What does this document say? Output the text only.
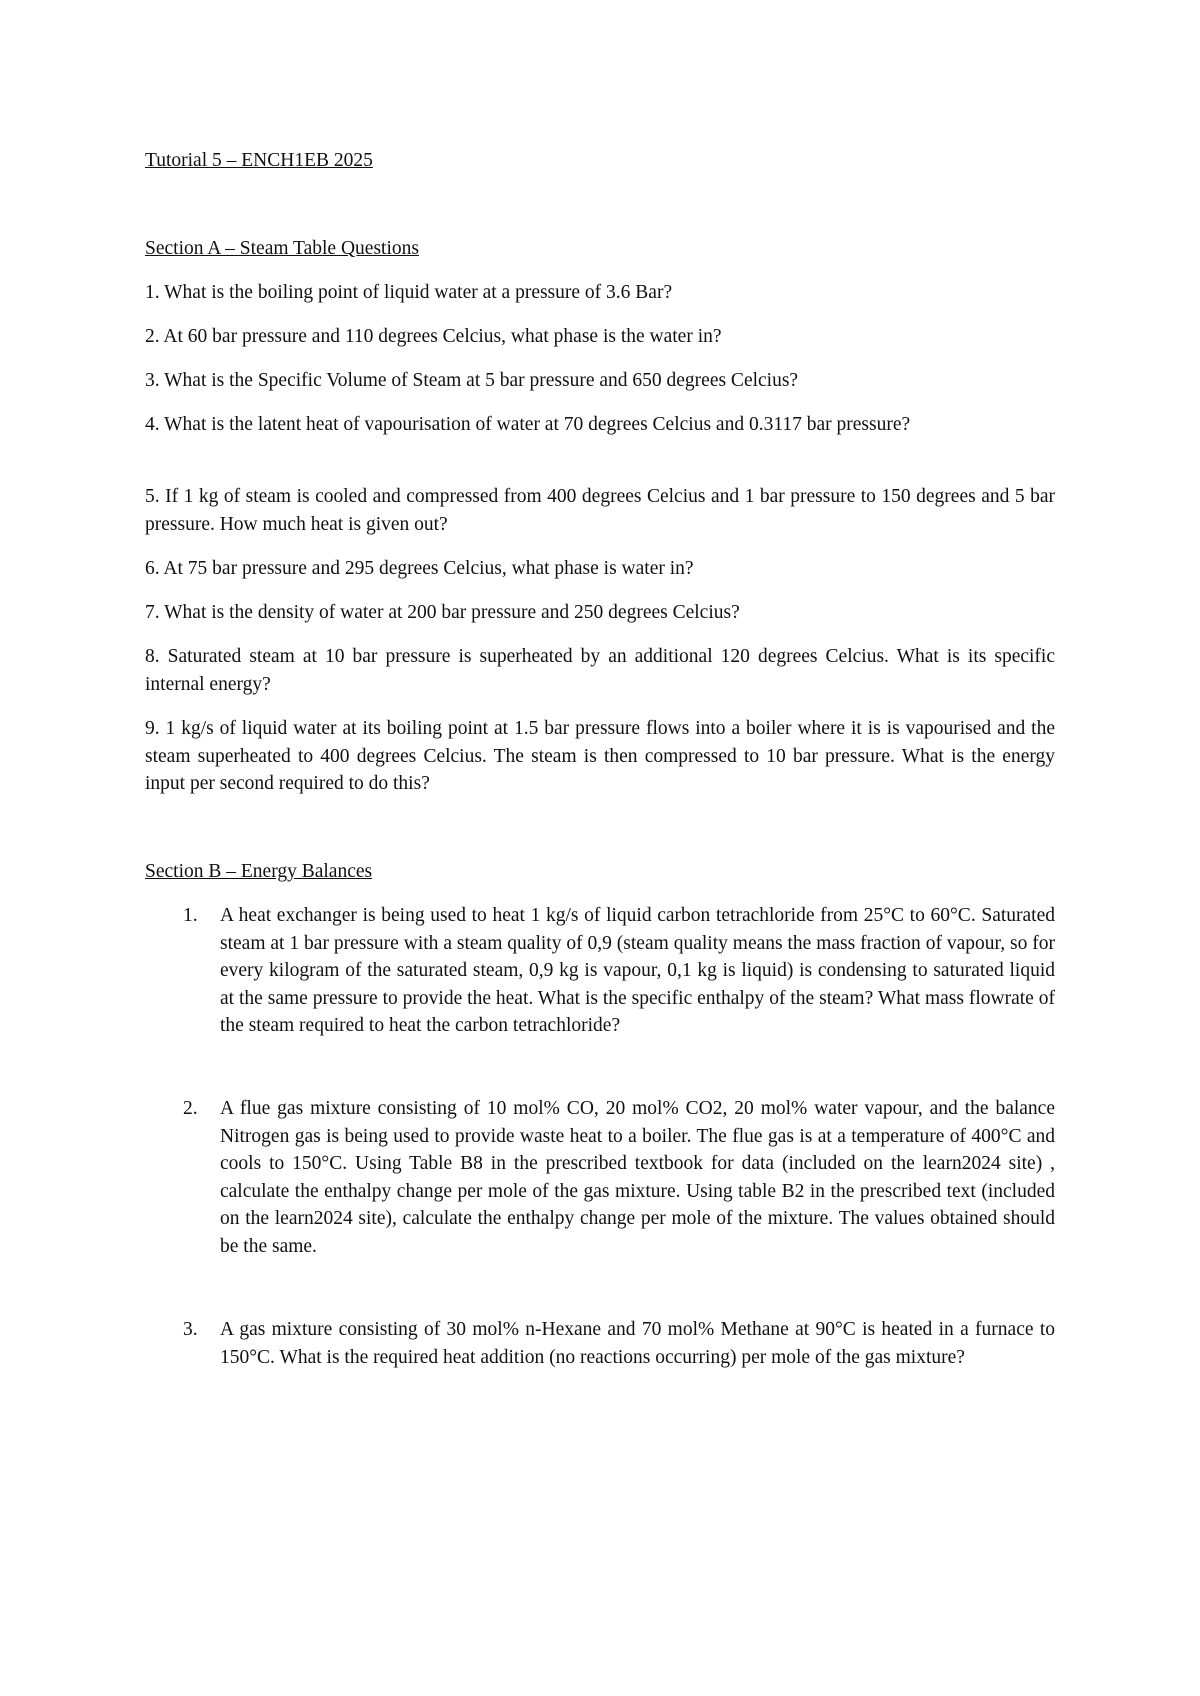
Tutorial 5 – ENCH1EB 2025
Section A – Steam Table Questions

1. What is the boiling point of liquid water at a pressure of 3.6 Bar?

2. At 60 bar pressure and 110 degrees Celcius, what phase is the water in?

3. What is the Specific Volume of Steam at 5 bar pressure and 650 degrees Celcius?

4. What is the latent heat of vapourisation of water at 70 degrees Celcius and 0.3117 bar pressure?

5. If 1 kg of steam is cooled and compressed from 400 degrees Celcius and 1 bar pressure to 150 degrees and 5 bar pressure. How much heat is given out?

6. At 75 bar pressure and 295 degrees Celcius, what phase is water in?

7. What is the density of water at 200 bar pressure and 250 degrees Celcius?

8. Saturated steam at 10 bar pressure is superheated by an additional 120 degrees Celcius. What is its specific internal energy?

9. 1 kg/s of liquid water at its boiling point at 1.5 bar pressure flows into a boiler where it is is vapourised and the steam superheated to 400 degrees Celcius. The steam is then compressed to 10 bar pressure. What is the energy input per second required to do this?

Section B – Energy Balances
1. A heat exchanger is being used to heat 1 kg/s of liquid carbon tetrachloride from 25°C to 60°C. Saturated steam at 1 bar pressure with a steam quality of 0,9 (steam quality means the mass fraction of vapour, so for every kilogram of the saturated steam, 0,9 kg is vapour, 0,1 kg is liquid) is condensing to saturated liquid at the same pressure to provide the heat. What is the specific enthalpy of the steam? What mass flowrate of the steam required to heat the carbon tetrachloride?
2. A flue gas mixture consisting of 10 mol% CO, 20 mol% CO2, 20 mol% water vapour, and the balance Nitrogen gas is being used to provide waste heat to a boiler. The flue gas is at a temperature of 400°C and cools to 150°C. Using Table B8 in the prescribed textbook for data (included on the learn2024 site) , calculate the enthalpy change per mole of the gas mixture. Using table B2 in the prescribed text (included on the learn2024 site), calculate the enthalpy change per mole of the mixture. The values obtained should be the same.
3. A gas mixture consisting of 30 mol% n-Hexane and 70 mol% Methane at 90°C is heated in a furnace to 150°C. What is the required heat addition (no reactions occurring) per mole of the gas mixture?
